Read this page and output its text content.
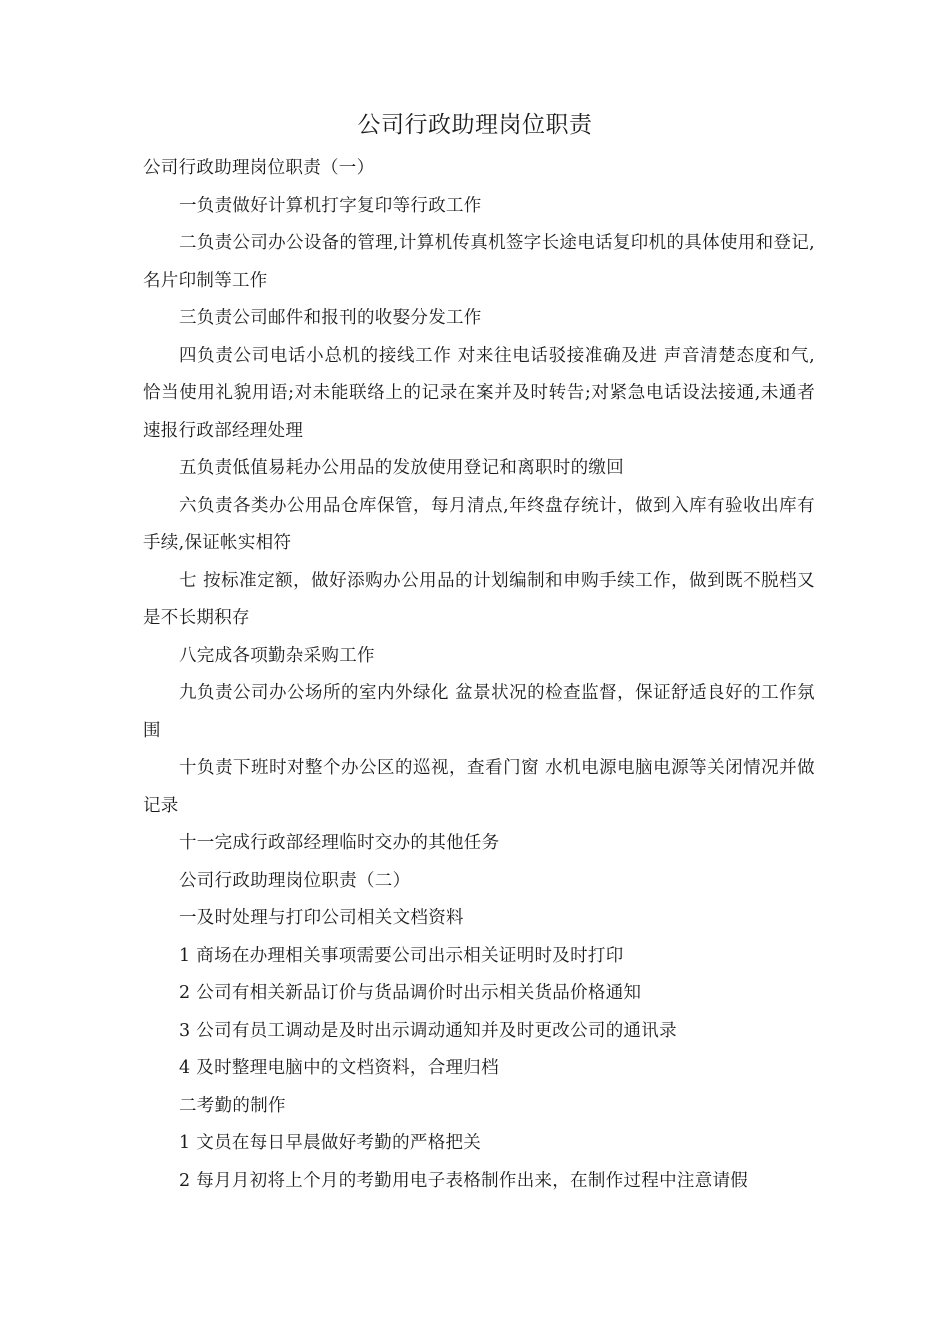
公司行政助理岗位职责

公司行政助理岗位职责（一）

一负责做好计算机打字复印等行政工作

二负责公司办公设备的管理,计算机传真机签字长途电话复印机的具体使用和登记,名片印制等工作

三负责公司邮件和报刊的收娶分发工作

四负责公司电话小总机的接线工作 对来往电话驳接准确及进 声音清楚态度和气,恰当使用礼貌用语;对未能联络上的记录在案并及时转告;对紧急电话设法接通,未通者速报行政部经理处理

五负责低值易耗办公用品的发放使用登记和离职时的缴回

六负责各类办公用品仓库保管，每月清点,年终盘存统计，做到入库有验收出库有手续,保证帐实相符

七 按标准定额，做好添购办公用品的计划编制和申购手续工作，做到既不脱档又是不长期积存

八完成各项勤杂采购工作

九负责公司办公场所的室内外绿化 盆景状况的检查监督，保证舒适良好的工作氛围

十负责下班时对整个办公区的巡视，查看门窗 水机电源电脑电源等关闭情况并做记录

十一完成行政部经理临时交办的其他任务

公司行政助理岗位职责（二）

一及时处理与打印公司相关文档资料

1 商场在办理相关事项需要公司出示相关证明时及时打印

2 公司有相关新品订价与货品调价时出示相关货品价格通知

3 公司有员工调动是及时出示调动通知并及时更改公司的通讯录

4 及时整理电脑中的文档资料，合理归档

二考勤的制作

1 文员在每日早晨做好考勤的严格把关

2 每月月初将上个月的考勤用电子表格制作出来，在制作过程中注意请假
